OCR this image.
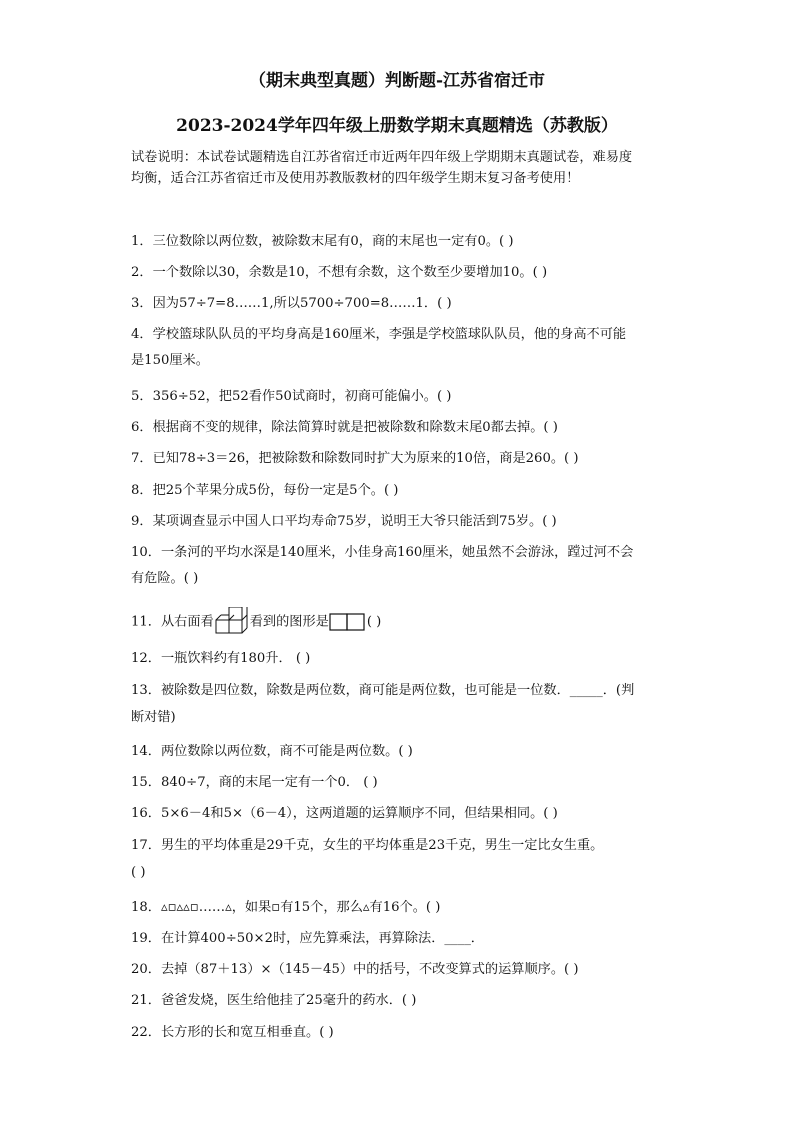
（期末典型真题）判断题-江苏省宿迁市
2023-2024学年四年级上册数学期末真题精选（苏教版）
试卷说明：本试卷试题精选自江苏省宿迁市近两年四年级上学期期末真题试卷，难易度
均衡，适合江苏省宿迁市及使用苏教版教材的四年级学生期末复习备考使用！
1．三位数除以两位数，被除数末尾有0，商的末尾也一定有0。( )
2．一个数除以30，余数是10，不想有余数，这个数至少要增加10。( )
3．因为57÷7=8……1,所以5700÷700=8……1．( )
4．学校篮球队队员的平均身高是160厘米，李强是学校篮球队队员，他的身高不可能
是150厘米。
5．356÷52，把52看作50试商时，初商可能偏小。( )
6．根据商不变的规律，除法简算时就是把被除数和除数末尾0都去掉。( )
7．已知78÷3＝26，把被除数和除数同时扩大为原来的10倍，商是260。( )
8．把25个苹果分成5份，每份一定是5个。( )
9．某项调查显示中国人口平均寿命75岁，说明王大爷只能活到75岁。( )
10．一条河的平均水深是140厘米，小佳身高160厘米，她虽然不会游泳，蹚过河不会
有危险。( )
11．从右面看	看到的图形是	( )
12．一瓶饮料约有180升． ( )
13．被除数是四位数，除数是两位数，商可能是两位数，也可能是一位数．_____．(判
断对错)
14．两位数除以两位数，商不可能是两位数。( )
15．840÷7，商的末尾一定有一个0． ( )
16．5×6－4和5×（6－4），这两道题的运算顺序不同，但结果相同。( )
17．男生的平均体重是29千克，女生的平均体重是23千克，男生一定比女生重。
( )
18．▵▫▵▵▫……▵，如果▫有15个，那么▵有16个。( )
19．在计算400÷50×2时，应先算乘法，再算除法．____．
20．去掉（87＋13）×（145－45）中的括号，不改变算式的运算顺序。( )
21．爸爸发烧，医生给他挂了25毫升的药水．( )
22．长方形的长和宽互相垂直。( )
